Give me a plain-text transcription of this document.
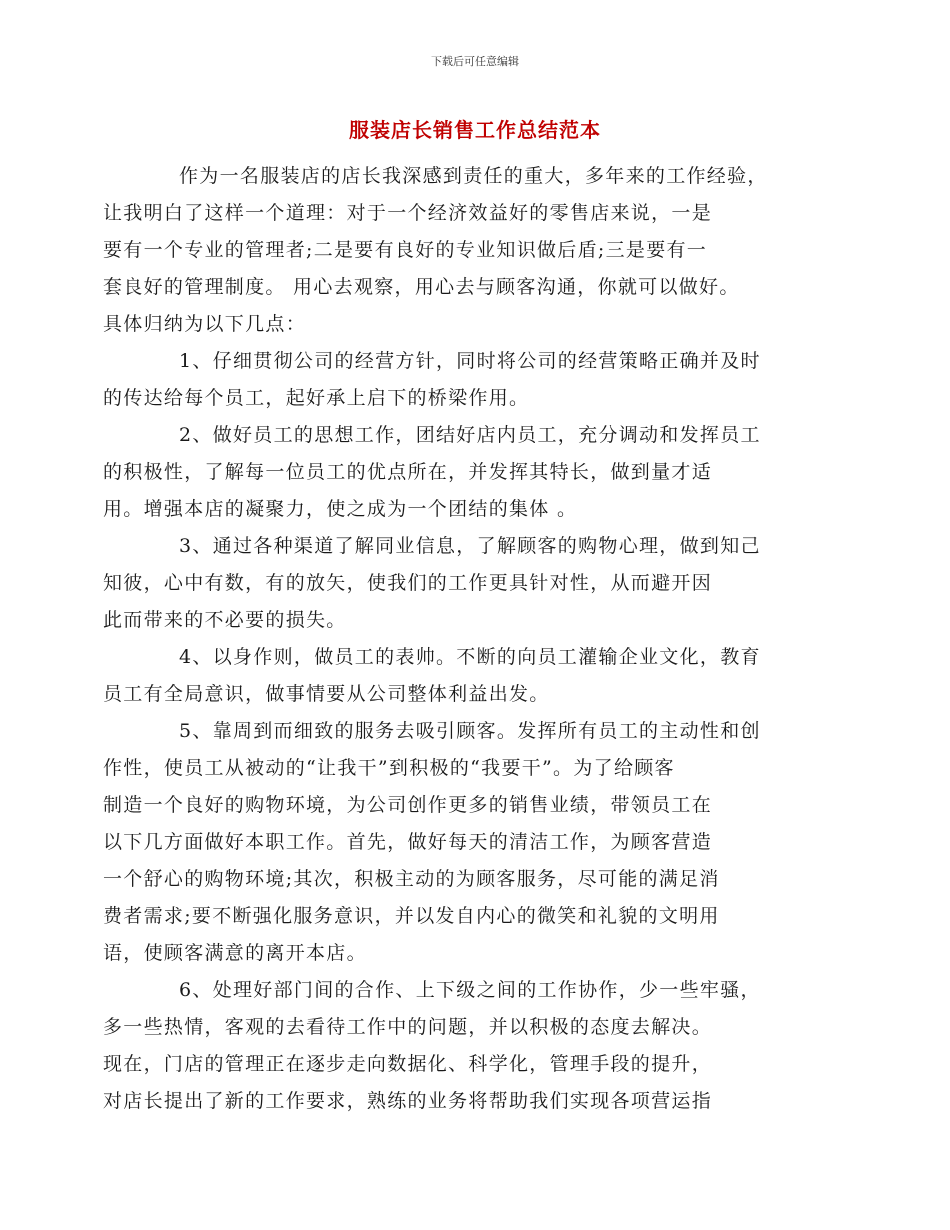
下载后可任意编辑
服装店长销售工作总结范本
作为一名服装店的店长我深感到责任的重大，多年来的工作经验，
让我明白了这样一个道理：对于一个经济效益好的零售店来说，一是
要有一个专业的管理者;二是要有良好的专业知识做后盾;三是要有一
套良好的管理制度。 用心去观察，用心去与顾客沟通，你就可以做好。
具体归纳为以下几点：
1、仔细贯彻公司的经营方针，同时将公司的经营策略正确并及时
的传达给每个员工，起好承上启下的桥梁作用。
2、做好员工的思想工作，团结好店内员工，充分调动和发挥员工
的积极性，了解每一位员工的优点所在，并发挥其特长，做到量才适
用。增强本店的凝聚力，使之成为一个团结的集体 。
3、通过各种渠道了解同业信息，了解顾客的购物心理，做到知己
知彼，心中有数，有的放矢，使我们的工作更具针对性，从而避开因
此而带来的不必要的损失。
4、以身作则，做员工的表帅。不断的向员工灌输企业文化，教育
员工有全局意识，做事情要从公司整体利益出发。
5、靠周到而细致的服务去吸引顾客。发挥所有员工的主动性和创
作性，使员工从被动的“让我干”到积极的“我要干”。为了给顾客
制造一个良好的购物环境，为公司创作更多的销售业绩，带领员工在
以下几方面做好本职工作。首先，做好每天的清洁工作，为顾客营造
一个舒心的购物环境;其次，积极主动的为顾客服务，尽可能的满足消
费者需求;要不断强化服务意识，并以发自内心的微笑和礼貌的文明用
语，使顾客满意的离开本店。
6、处理好部门间的合作、上下级之间的工作协作，少一些牢骚，
多一些热情，客观的去看待工作中的问题，并以积极的态度去解决。
现在，门店的管理正在逐步走向数据化、科学化，管理手段的提升，
对店长提出了新的工作要求，熟练的业务将帮助我们实现各项营运指
